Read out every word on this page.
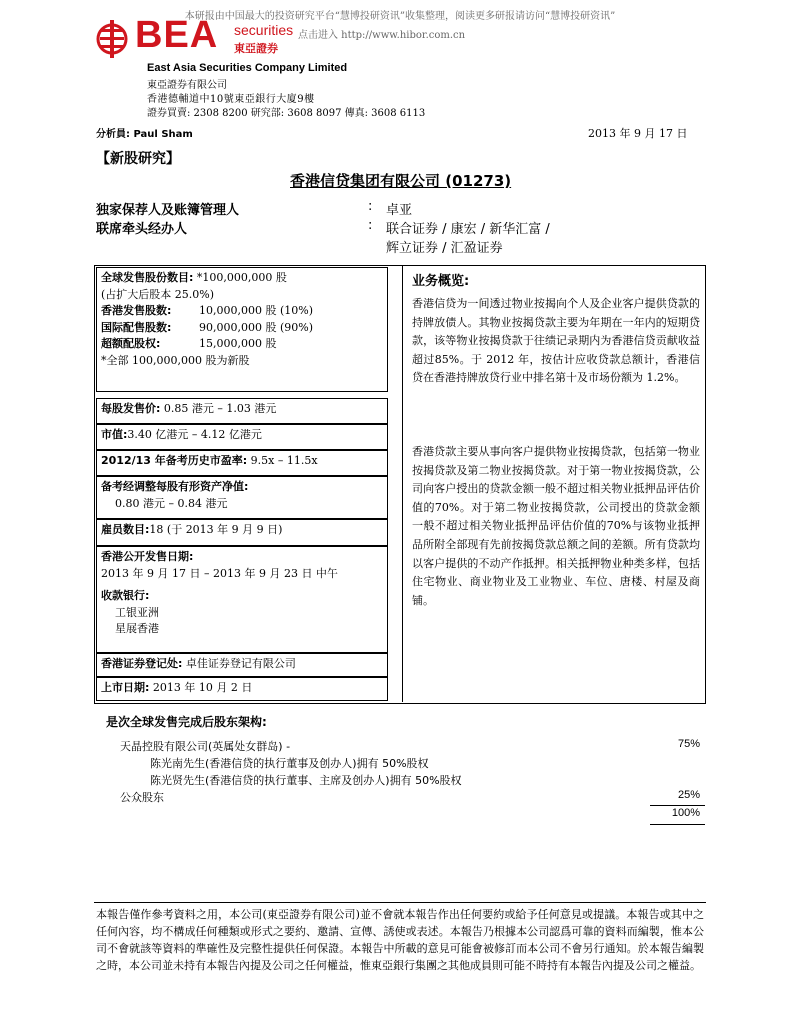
本研报由中国最大的投资研究平台“慧博投研资讯”收集整理，阅读更多研报请访问“慧博投研资讯”
点击进入 http://www.hibor.com.cn
BEA securities
東亞證券
East Asia Securities Company Limited
東亞證券有限公司
香港德輔道中10號東亞銀行大廈9樓
證券買賣: 2308 8200 研究部: 3608 8097 傳真: 3608 6113
分析員: Paul Sham	2013 年 9 月 17 日
【新股研究】
香港信贷集团有限公司 (01273)
独家保荐人及账簿管理人	: 卓亚
联席牵头经办人	: 联合证券 / 康宏 / 新华汇富 /
辉立证券 / 汇盈证券
全球发售股份数目: *100,000,000 股
(占扩大后股本 25.0%)
香港发售股数:	10,000,000 股 (10%)
国际配售股数:	90,000,000 股 (90%)
超额配股权:	15,000,000 股
*全部 100,000,000 股为新股
每股发售价: 0.85 港元 – 1.03 港元
市值:3.40 亿港元 – 4.12 亿港元
2012/13 年备考历史市盈率: 9.5x – 11.5x
备考经调整每股有形资产净值:
0.80 港元 – 0.84 港元
雇员数目:18 (于 2013 年 9 月 9 日)
香港公开发售日期:
2013 年 9 月 17 日 – 2013 年 9 月 23 日 中午
收款银行:
工银亚洲
星展香港
香港证券登记处: 卓佳证券登记有限公司
上市日期: 2013 年 10 月 2 日
业务概览:
香港信贷为一间透过物业按揭向个人及企业客户提供贷款的持牌放债人。其物业按揭贷款主要为年期在一年内的短期贷款，该等物业按揭贷款于往绩记录期内为香港信贷贡献收益超过85%。于 2012 年，按估计应收贷款总额计，香港信贷在香港持牌放贷行业中排名第十及市场份额为 1.2%。
香港贷款主要从事向客户提供物业按揭贷款，包括第一物业按揭贷款及第二物业按揭贷款。对于第一物业按揭贷款，公司向客户授出的贷款金额一般不超过相关物业抵押品评估价值的70%。对于第二物业按揭贷款，公司授出的贷款金额一般不超过相关物业抵押品评估价值的70%与该物业抵押品所附全部现有先前按揭贷款总额之间的差额。所有贷款均以客户提供的不动产作抵押。相关抵押物业种类多样，包括住宅物业、商业物业及工业物业、车位、唐楼、村屋及商铺。
是次全球发售完成后股东架构:
天晶控股有限公司(英属处女群岛) -	75%
陈光南先生(香港信贷的执行董事及创办人)拥有 50%股权
陈光贤先生(香港信贷的执行董事、主席及创办人)拥有 50%股权
公众股东	25%
100%
本報告僅作參考資料之用，本公司(東亞證券有限公司)並不會就本報告作出任何要約或給予任何意見或提議。本報告或其中之任何內容，均不構成任何種類或形式之要約、邀請、宣傳、誘使或表述。本報告乃根據本公司認爲可靠的資料而編製，惟本公司不會就該等資料的準確性及完整性提供任何保證。本報告中所載的意見可能會被修訂而本公司不會另行通知。於本報告編製之時，本公司並未持有本報告內提及公司之任何權益，惟東亞銀行集團之其他成員則可能不時持有本報告內提及公司之權益。
